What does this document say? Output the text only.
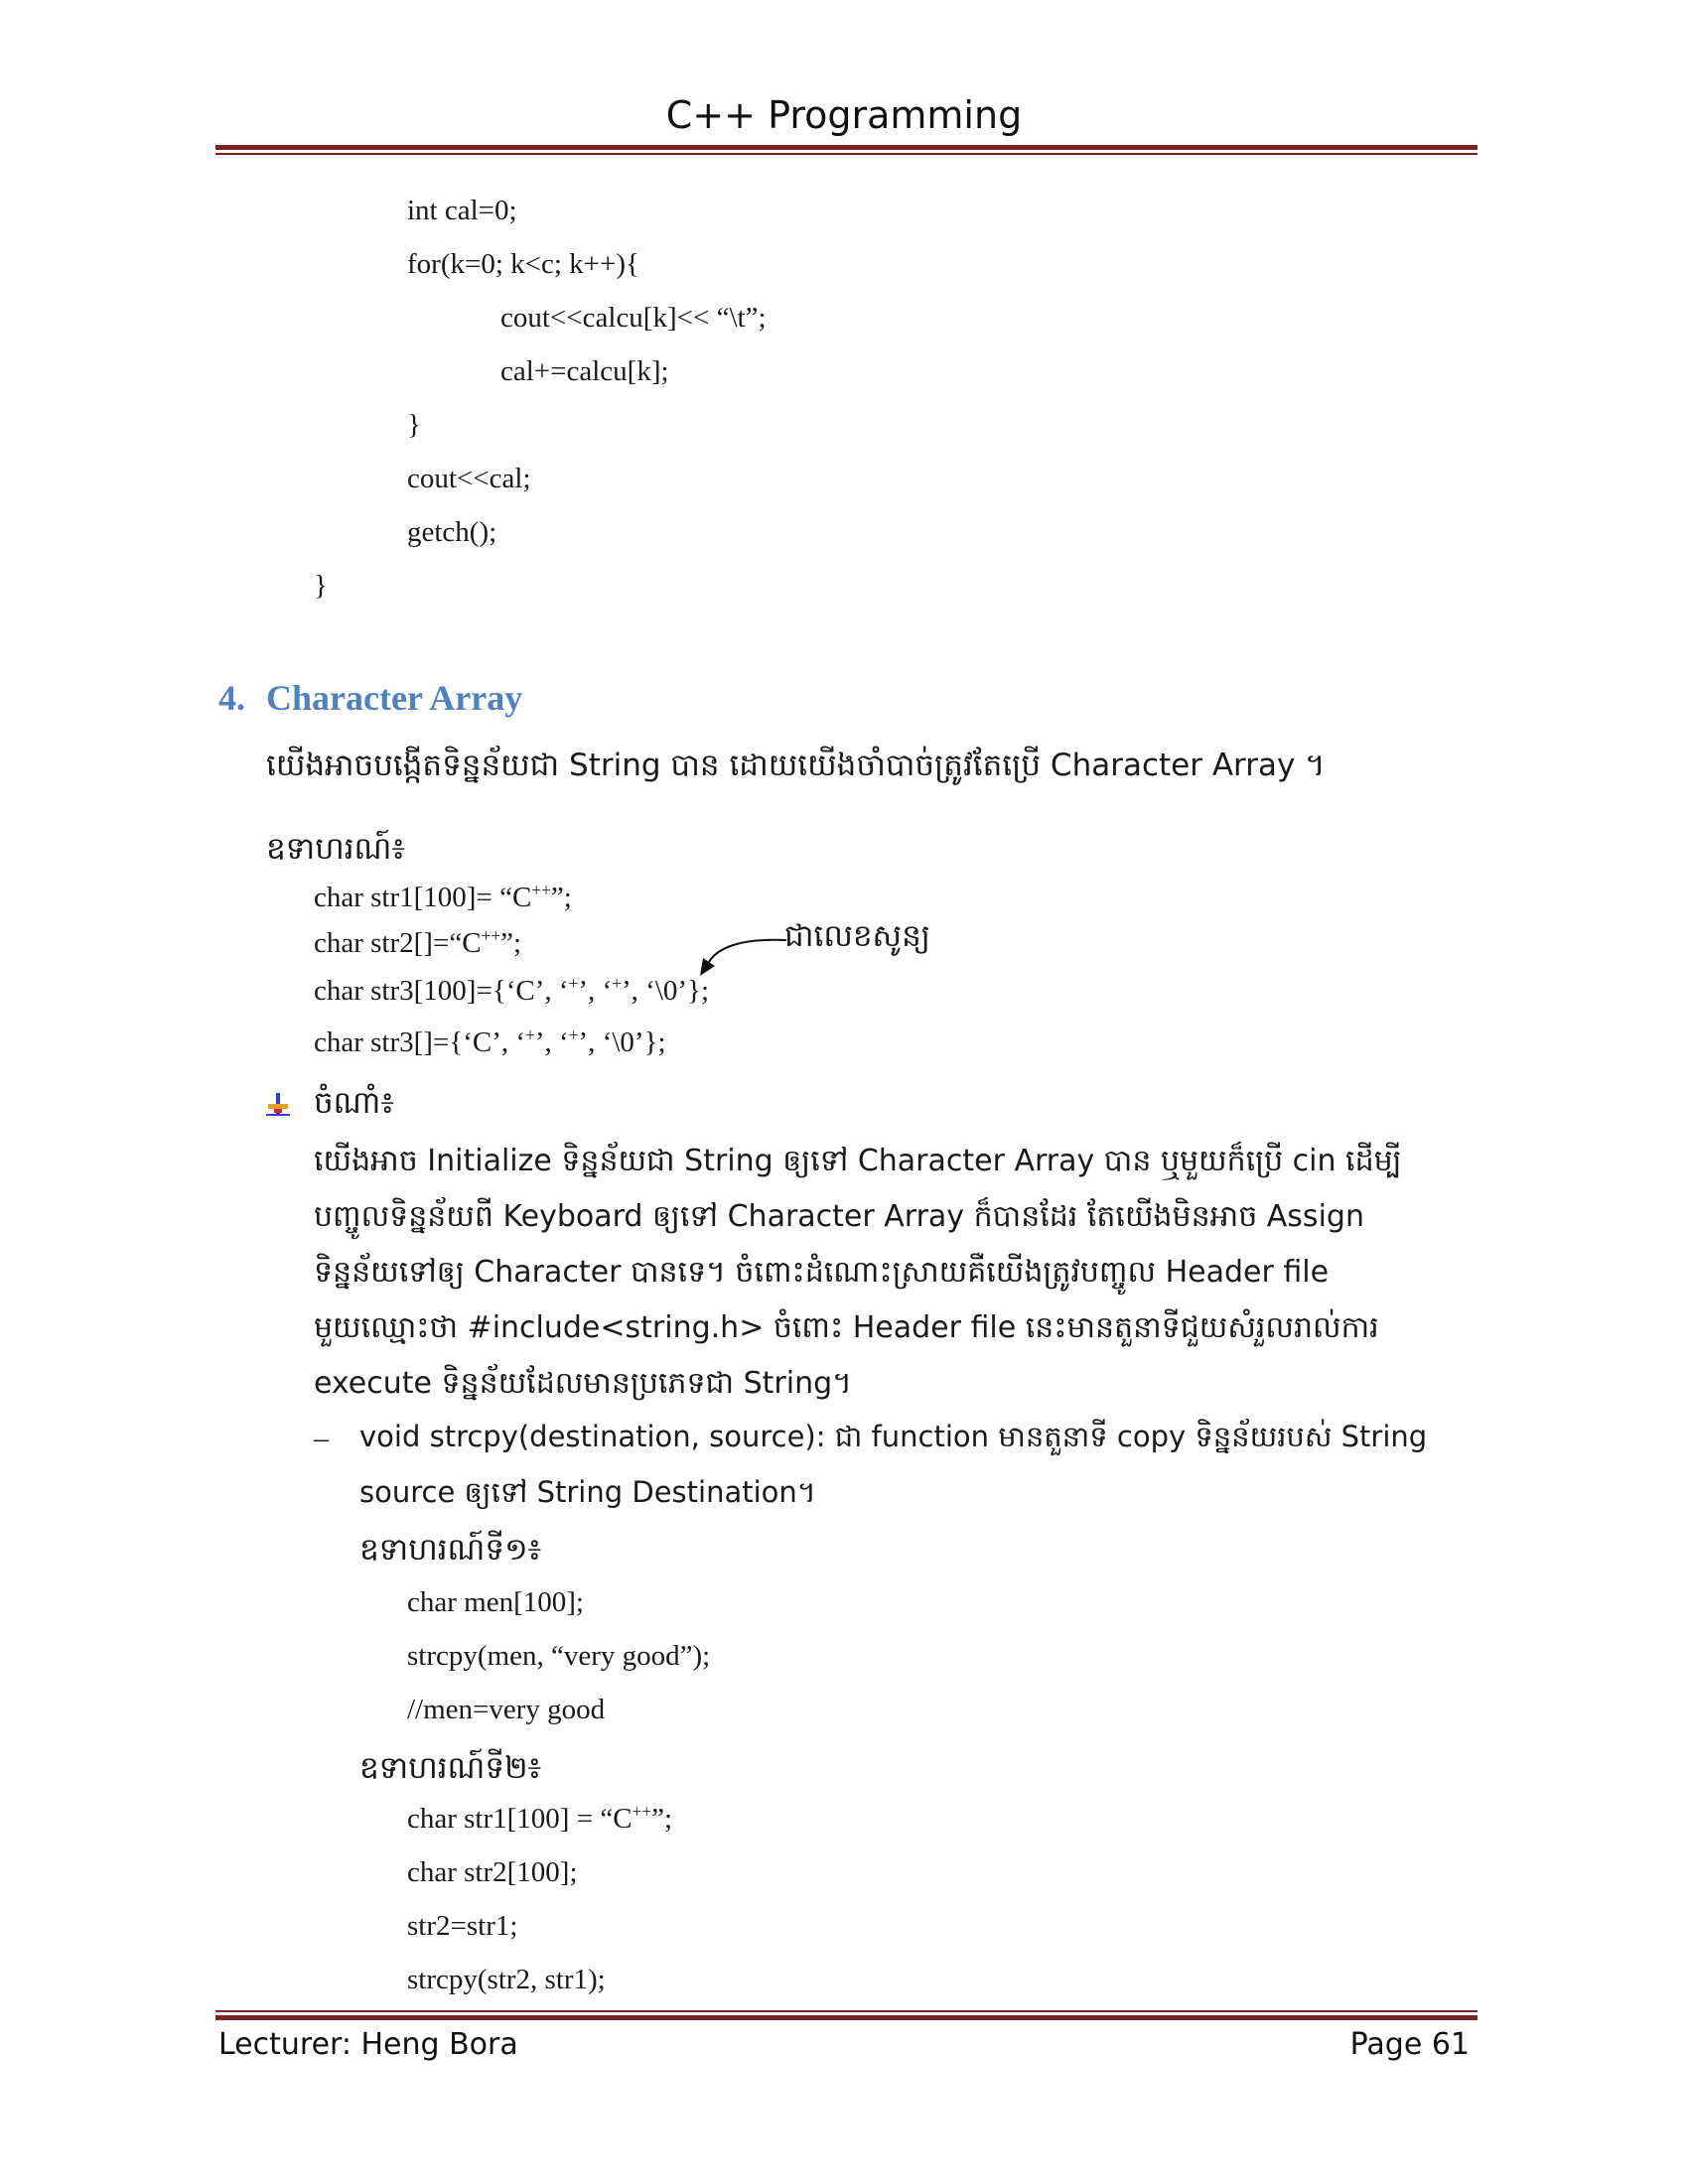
C++ Programming
int cal=0;
for(k=0; k<c; k++){
cout<<calcu[k]<< “\t”;
cal+=calcu[k];
}
cout<<cal;
getch();
}
4. Character Array
យើងអាចបង្កើតទិន្នន័យជា String បាន ដោយយើងចាំបាច់ត្រូវតែប្រើ Character Array ។
ឧទាហរណ៍៖
char str1[100]= “C++”;
char str2[]=“C++”;
char str3[100]={‘C’, ‘+’, ‘+’, ‘\0’};
char str3[]={‘C’, ‘+’, ‘+’, ‘\0’};
ជាលេខសូន្យ
ចំណាំ៖
យើងអាច Initialize ទិន្នន័យជា String ឲ្យទៅ Character Array បាន ឬមួយក៏ប្រើ cin ដើម្បី
បញ្ចូលទិន្នន័យពី Keyboard ឲ្យទៅ Character Array ក៏បានដែរ តែយើងមិនអាច Assign
ទិន្នន័យទៅឲ្យ Character បានទេ។ ចំពោះដំណោះស្រាយគឺយើងត្រូវបញ្ចូល Header file
មួយឈ្មោះថា #include<string.h> ចំពោះ Header file នេះមានតួនាទីជួយសំរួលរាល់ការ
execute ទិន្នន័យដែលមានប្រភេទជា String។
– void strcpy(destination, source): ជា function មានតួនាទី copy ទិន្នន័យរបស់ String
source ឲ្យទៅ String Destination។
ឧទាហរណ៍ទី១៖
char men[100];
strcpy(men, “very good”);
//men=very good
ឧទាហរណ៍ទី២៖
char str1[100] = “C++”;
char str2[100];
str2=str1;
strcpy(str2, str1);
Lecturer: Heng Bora	Page 61
